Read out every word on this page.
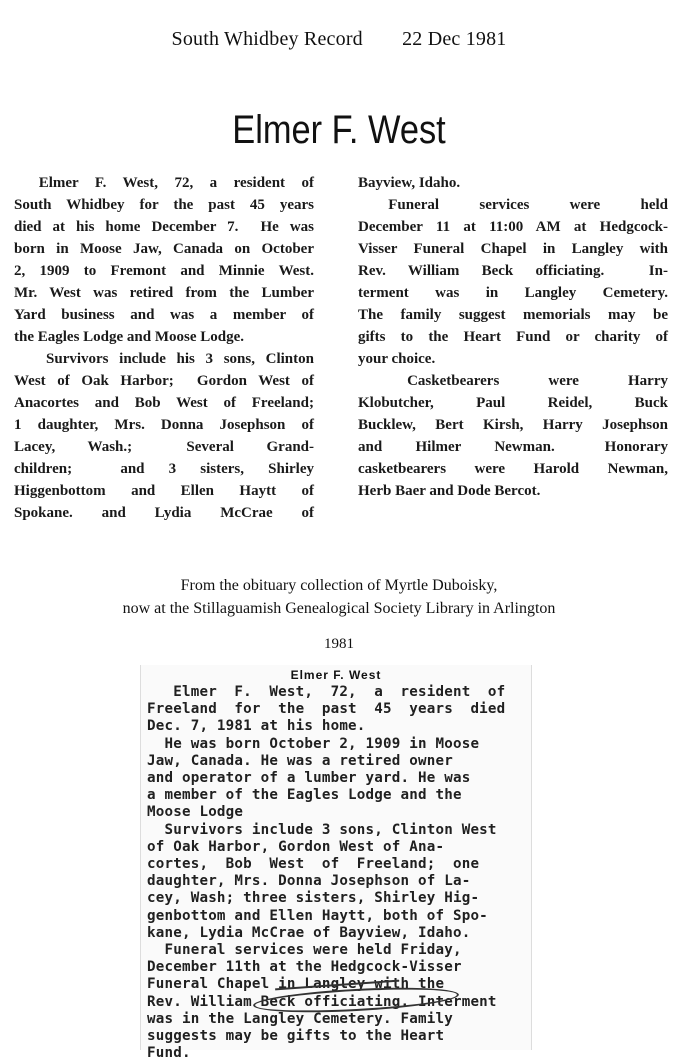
South Whidbey Record 22 Dec 1981
Elmer F. West
Elmer  F.  West,  72,  a  resident  of
South Whidbey for the past 45 years
died at his home December 7.  He was
born in Moose Jaw, Canada on October
2, 1909 to Fremont and Minnie West.
Mr. West was retired from the Lumber
Yard business and was a member of
the Eagles Lodge and Moose Lodge.
Survivors include his 3 sons, Clinton
West of Oak Harbor;  Gordon West of
Anacortes and Bob West of Freeland;
1 daughter, Mrs. Donna Josephson of
Lacey,   Wash.;     Several   Grand-
children;    and  3  sisters,  Shirley
Higgenbottom  and  Ellen  Haytt  of
Spokane.  and  Lydia  McCrae  of
Bayview, Idaho.
Funeral    services    were    held
December 11 at 11:00 AM at Hedgcock-
Visser Funeral Chapel in Langley with
Rev. William Beck officiating.  In-
terment was in Langley Cemetery.
The family suggest memorials may be
gifts to the Heart Fund or charity of
your choice.
Casketbearers   were   Harry
Klobutcher,  Paul  Reidel,  Buck
Bucklew, Bert Kirsh, Harry Josephson
and  Hilmer  Newman.   Honorary
casketbearers were Harold Newman,
Herb Baer and Dode Bercot.
From the obituary collection of Myrtle Duboisky,
now at the Stillaguamish Genealogical Society Library in Arlington
1981
Elmer F. West
Elmer  F.  West,  72,  a  resident  of
Freeland  for  the  past  45  years  died
Dec. 7, 1981 at his home.
He was born October 2, 1909 in Moose
Jaw, Canada. He was a retired owner
and operator of a lumber yard. He was
a member of the Eagles Lodge and the
Moose Lodge
Survivors include 3 sons, Clinton West
of Oak Harbor, Gordon West of Ana-
cortes,  Bob  West  of  Freeland;  one
daughter, Mrs. Donna Josephson of La-
cey, Wash; three sisters, Shirley Hig-
genbottom and Ellen Haytt, both of Spo-
kane, Lydia McCrae of Bayview, Idaho.
Funeral services were held Friday,
December 11th at the Hedgcock-Visser
Funeral Chapel in Langley with the
Rev. William Beck officiating. Interment
was in the Langley Cemetery. Family
suggests may be gifts to the Heart
Fund.
